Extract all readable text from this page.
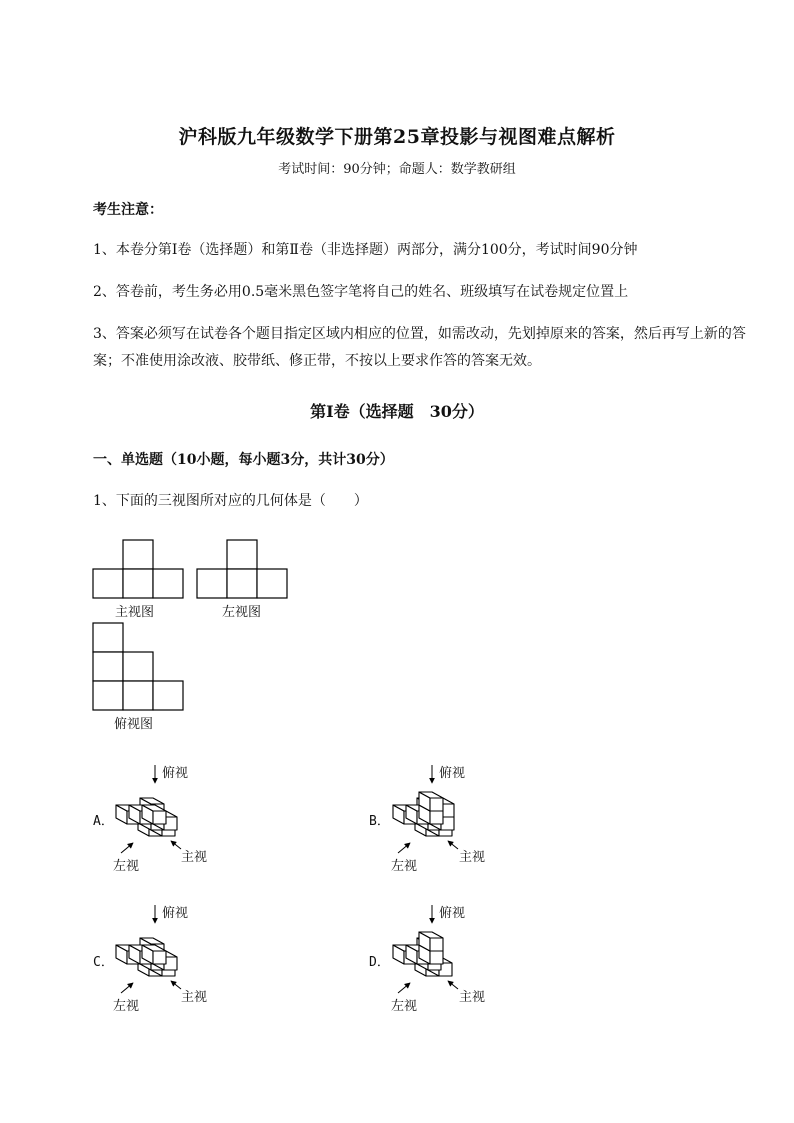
沪科版九年级数学下册第25章投影与视图难点解析
考试时间：90分钟；命题人：数学教研组
考生注意：
1、本卷分第I卷（选择题）和第Ⅱ卷（非选择题）两部分，满分100分，考试时间90分钟
2、答卷前，考生务必用0.5毫米黑色签字笔将自己的姓名、班级填写在试卷规定位置上
3、答案必须写在试卷各个题目指定区域内相应的位置，如需改动，先划掉原来的答案，然后再写上新的答案；不准使用涂改液、胶带纸、修正带，不按以上要求作答的答案无效。
第I卷（选择题　30分）
一、单选题（10小题，每小题3分，共计30分）
1、下面的三视图所对应的几何体是（　　）
主视图	左视图
俯视图
A．	B．
C．	D．
俯视
左视
主视
俯视
左视
主视
俯视
左视
主视
俯视
左视
主视
